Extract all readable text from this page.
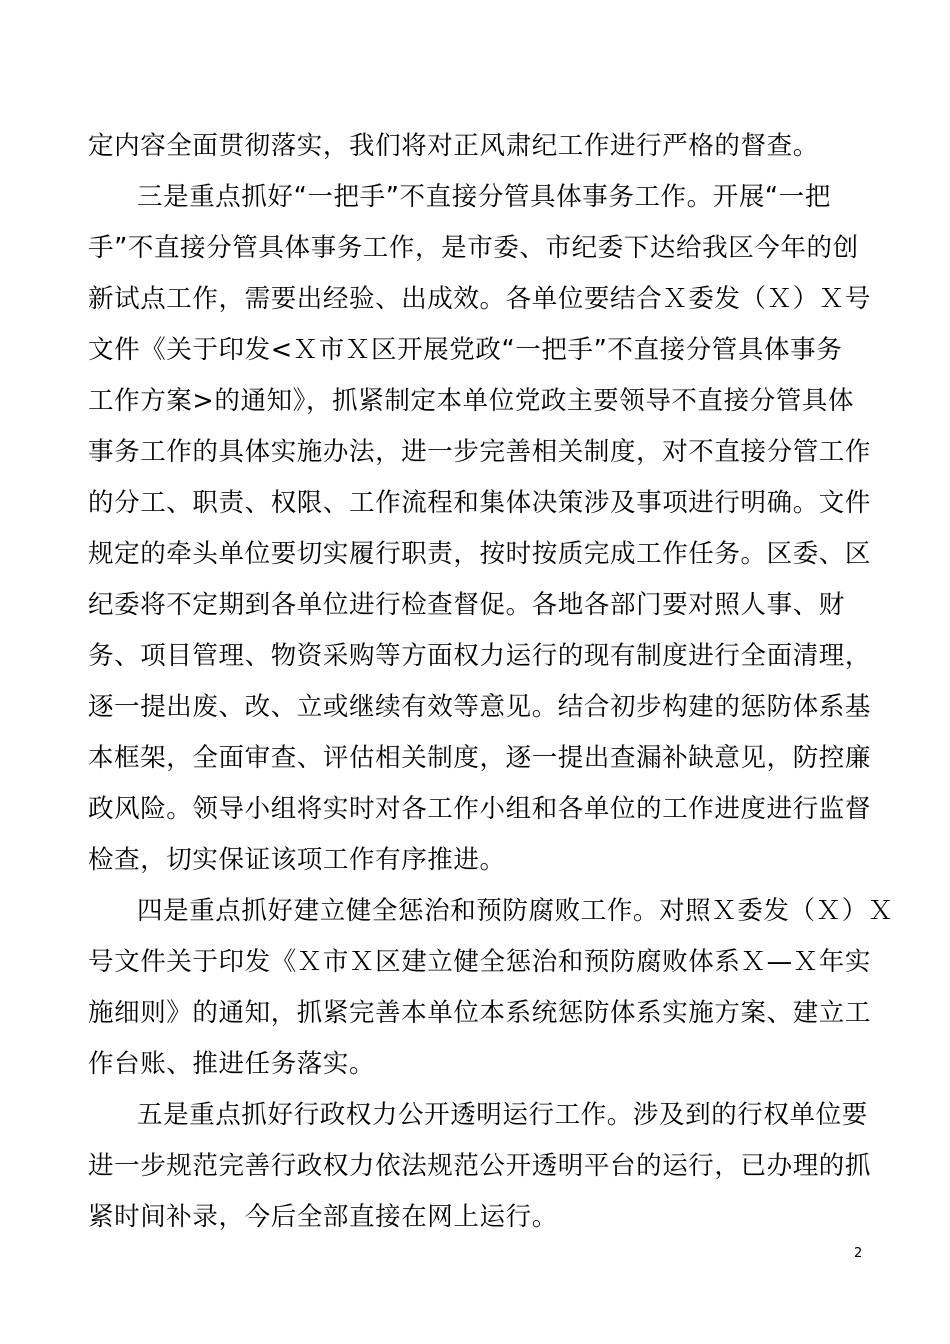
定内容全面贯彻落实，我们将对正风肃纪工作进行严格的督查。
三是重点抓好“一把手”不直接分管具体事务工作。开展“一把
手”不直接分管具体事务工作，是市委、市纪委下达给我区今年的创
新试点工作，需要出经验、出成效。各单位要结合Ｘ委发（Ｘ）Ｘ号
文件《关于印发<Ｘ市Ｘ区开展党政“一把手”不直接分管具体事务
工作方案>的通知》，抓紧制定本单位党政主要领导不直接分管具体
事务工作的具体实施办法，进一步完善相关制度，对不直接分管工作
的分工、职责、权限、工作流程和集体决策涉及事项进行明确。文件
规定的牵头单位要切实履行职责，按时按质完成工作任务。区委、区
纪委将不定期到各单位进行检查督促。各地各部门要对照人事、财
务、项目管理、物资采购等方面权力运行的现有制度进行全面清理，
逐一提出废、改、立或继续有效等意见。结合初步构建的惩防体系基
本框架，全面审查、评估相关制度，逐一提出查漏补缺意见，防控廉
政风险。领导小组将实时对各工作小组和各单位的工作进度进行监督
检查，切实保证该项工作有序推进。
四是重点抓好建立健全惩治和预防腐败工作。对照Ｘ委发（Ｘ）Ｘ
号文件关于印发《Ｘ市Ｘ区建立健全惩治和预防腐败体系Ｘ—Ｘ年实
施细则》的通知，抓紧完善本单位本系统惩防体系实施方案、建立工
作台账、推进任务落实。
五是重点抓好行政权力公开透明运行工作。涉及到的行权单位要
进一步规范完善行政权力依法规范公开透明平台的运行，已办理的抓
紧时间补录，今后全部直接在网上运行。
2
